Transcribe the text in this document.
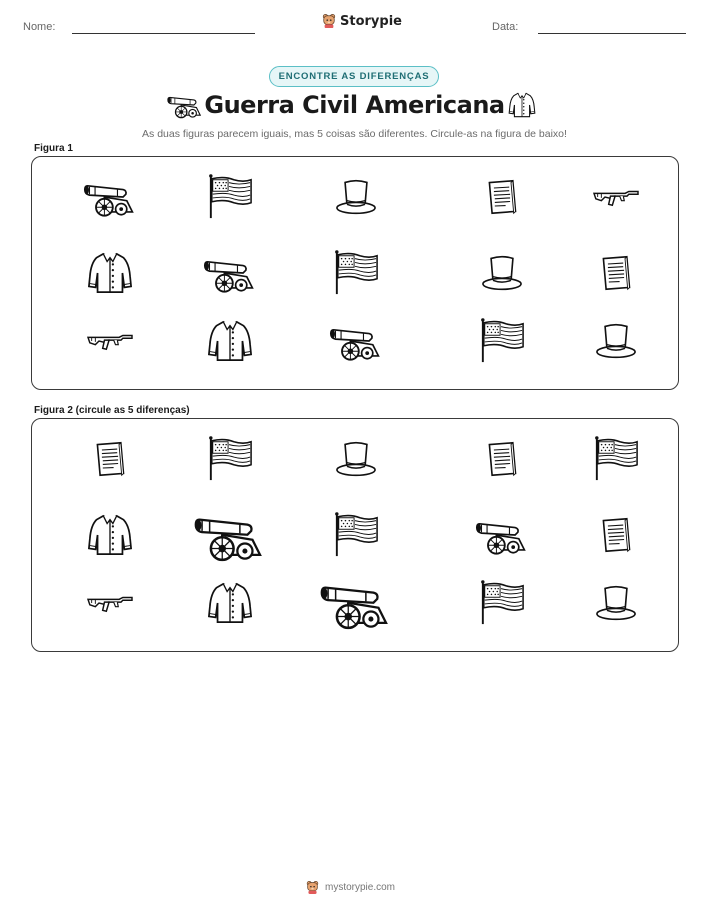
Nome:	Storypie	Data:
ENCONTRE AS DIFERENÇAS
Guerra Civil Americana
As duas figuras parecem iguais, mas 5 coisas são diferentes. Circule-as na figura de baixo!
Figura 1
Figura 2 (circule as 5 diferenças)
mystorypie.com
